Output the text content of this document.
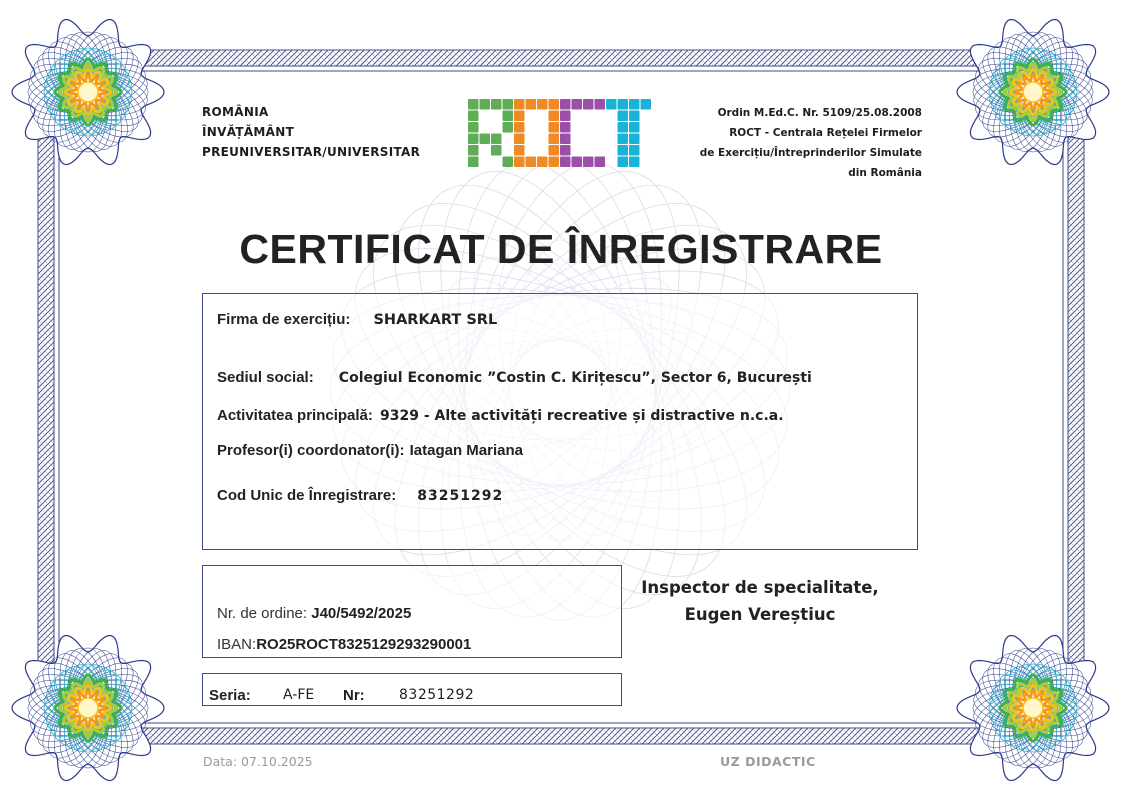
ROMÂNIA
ÎNVĂȚĂMÂNT
PREUNIVERSITAR/UNIVERSITAR
Ordin M.Ed.C. Nr. 5109/25.08.2008
ROCT - Centrala Rețelei Firmelor
de Exercițiu/Întreprinderilor Simulate
din România
CERTIFICAT DE ÎNREGISTRARE
Firma de exercițiu: SHARKART SRL
Sediul social: Colegiul Economic ”Costin C. Kirițescu”, Sector 6, București
Activitatea principală: 9329 - Alte activități recreative și distractive n.c.a.
Profesor(i) coordonator(i): Iatagan Mariana
Cod Unic de Înregistrare: 83251292
Nr. de ordine: J40/5492/2025
IBAN:RO25ROCT8325129293290001
Seria: A-FE Nr: 83251292
Inspector de specialitate,
Eugen Vereștiuc
Data: 07.10.2025	UZ DIDACTIC
